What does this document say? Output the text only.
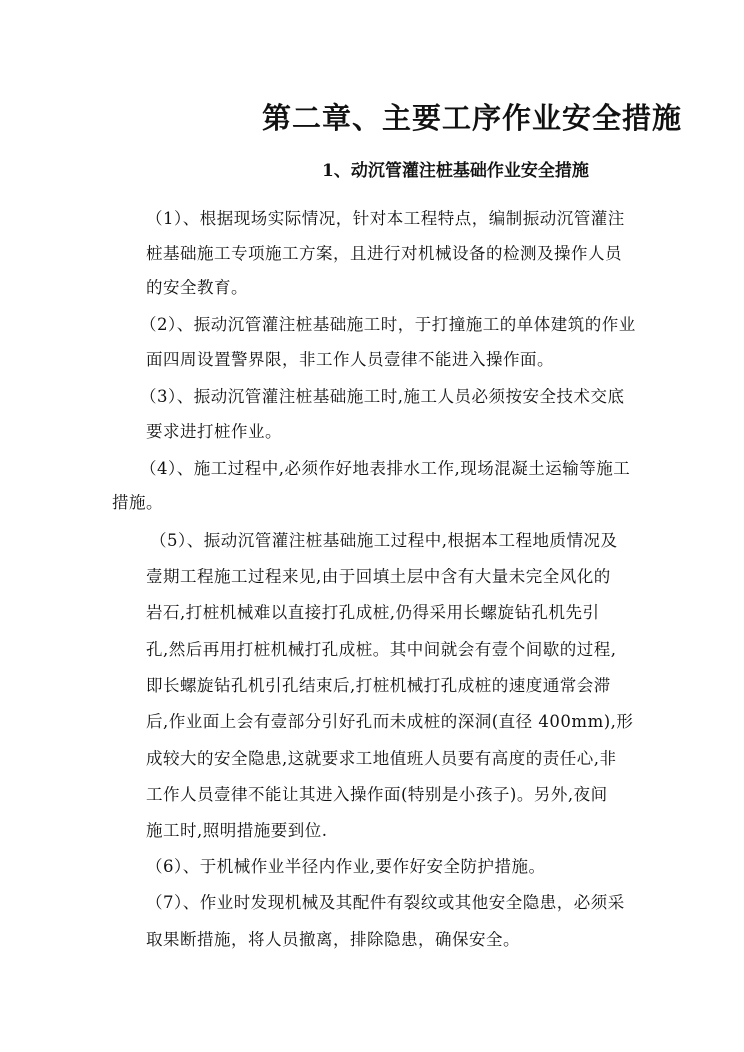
第二章、主要工序作业安全措施
1、动沉管灌注桩基础作业安全措施
（1）、根据现场实际情况，针对本工程特点，编制振动沉管灌注
桩基础施工专项施工方案，且进行对机械设备的检测及操作人员
的安全教育。
（2）、振动沉管灌注桩基础施工时，于打撞施工的单体建筑的作业
面四周设置警界限，非工作人员壹律不能进入操作面。
（3）、振动沉管灌注桩基础施工时,施工人员必须按安全技术交底
要求进打桩作业。
（4）、施工过程中,必须作好地表排水工作,现场混凝土运输等施工
措施。
（5）、振动沉管灌注桩基础施工过程中,根据本工程地质情况及
壹期工程施工过程来见,由于回填土层中含有大量未完全风化的
岩石,打桩机械难以直接打孔成桩,仍得采用长螺旋钻孔机先引
孔,然后再用打桩机械打孔成桩。其中间就会有壹个间歇的过程,
即长螺旋钻孔机引孔结束后,打桩机械打孔成桩的速度通常会滞
后,作业面上会有壹部分引好孔而未成桩的深洞(直径 400mm),形
成较大的安全隐患,这就要求工地值班人员要有高度的责任心,非
工作人员壹律不能让其进入操作面(特别是小孩子)。另外,夜间
施工时,照明措施要到位.
（6）、于机械作业半径内作业,要作好安全防护措施。
（7）、作业时发现机械及其配件有裂纹或其他安全隐患，必须采
取果断措施，将人员撤离，排除隐患，确保安全。
